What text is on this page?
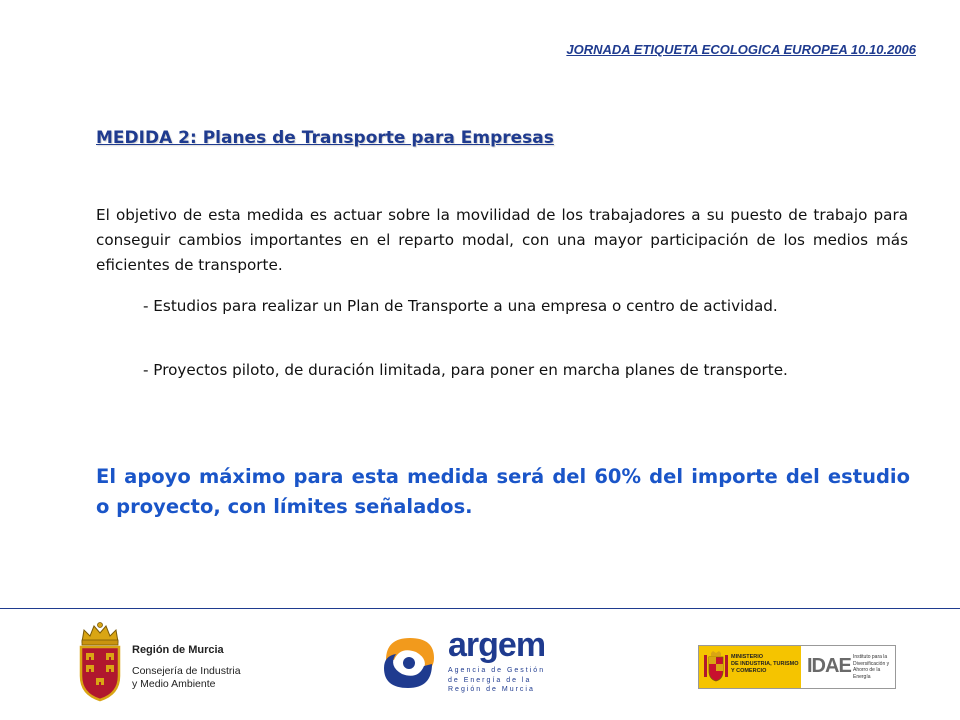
JORNADA ETIQUETA ECOLOGICA EUROPEA 10.10.2006
MEDIDA 2: Planes de Transporte para Empresas
El objetivo de esta medida es actuar sobre la movilidad de los trabajadores a su puesto de trabajo para conseguir cambios importantes en el reparto modal, con una mayor participación de los medios más eficientes de transporte.
- Estudios para realizar un Plan de Transporte a una empresa o centro de actividad.
- Proyectos piloto, de duración limitada, para poner en marcha planes de transporte.
El apoyo máximo para esta medida será del 60% del importe del estudio o proyecto, con límites señalados.
Región de Murcia
Consejería de Industria
y Medio Ambiente
argem
Agencia de Gestión
de Energía de la
Región de Murcia
MINISTERIO
DE INDUSTRIA, TURISMO
Y COMERCIO	IDAE Instituto para la
Diversificación y
Ahorro de la Energía
